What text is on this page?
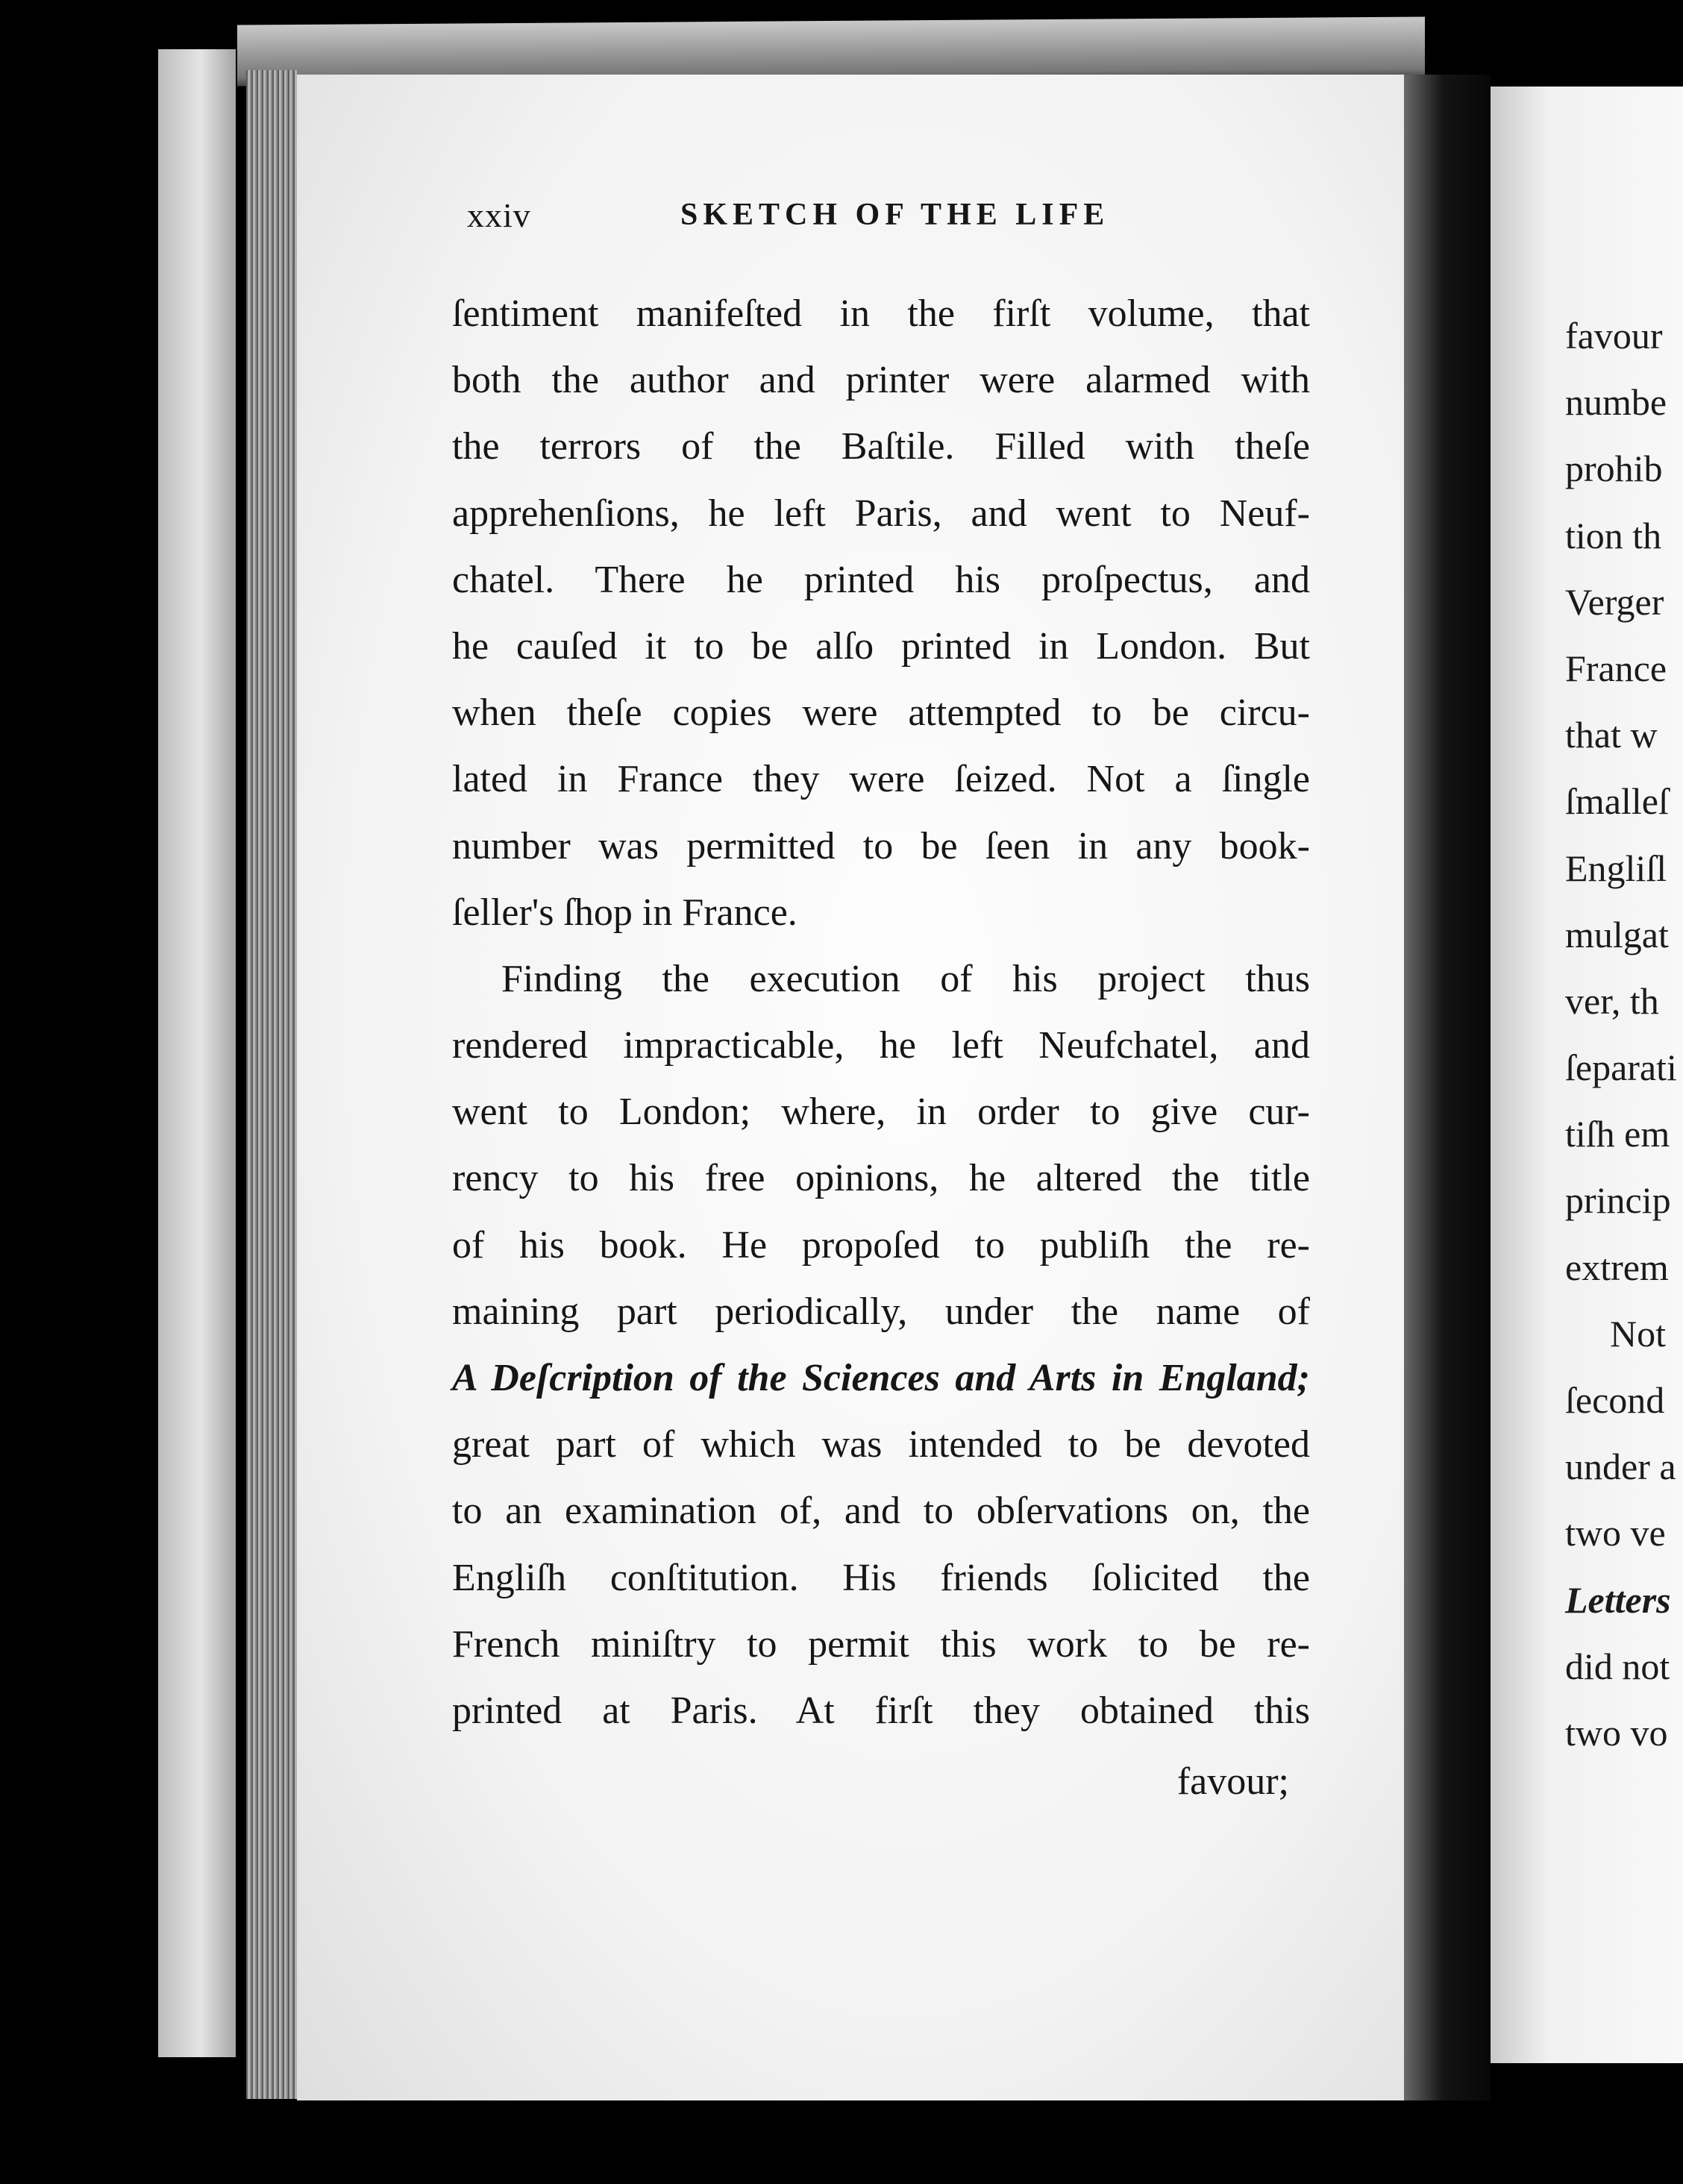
xxiv	SKETCH OF THE LIFE
ſentiment manifeſted in the firſt volume, that
both the author and printer were alarmed with
the terrors of the Baſtile. Filled with theſe
apprehenſions, he left Paris, and went to Neuf-
chatel. There he printed his proſpectus, and
he cauſed it to be alſo printed in London. But
when theſe copies were attempted to be circu-
lated in France they were ſeized. Not a ſingle
number was permitted to be ſeen in any book-
ſeller's ſhop in France.
Finding the execution of his project thus
rendered impracticable, he left Neufchatel, and
went to London; where, in order to give cur-
rency to his free opinions, he altered the title
of his book. He propoſed to publiſh the re-
maining part periodically, under the name of
A Deſcription of the Sciences and Arts in England;
great part of which was intended to be devoted
to an examination of, and to obſervations on, the
Engliſh conſtitution. His friends ſolicited the
French miniſtry to permit this work to be re-
printed at Paris. At firſt they obtained this
favour;
favour
numbe
prohib
tion th
Verger
France
that w
ſmalleſ
Engliſl
mulgat
ver, th
ſeparati
tiſh em
princip
extrem
Not
ſecond
under a
two ve
Letters
did not
two vo
